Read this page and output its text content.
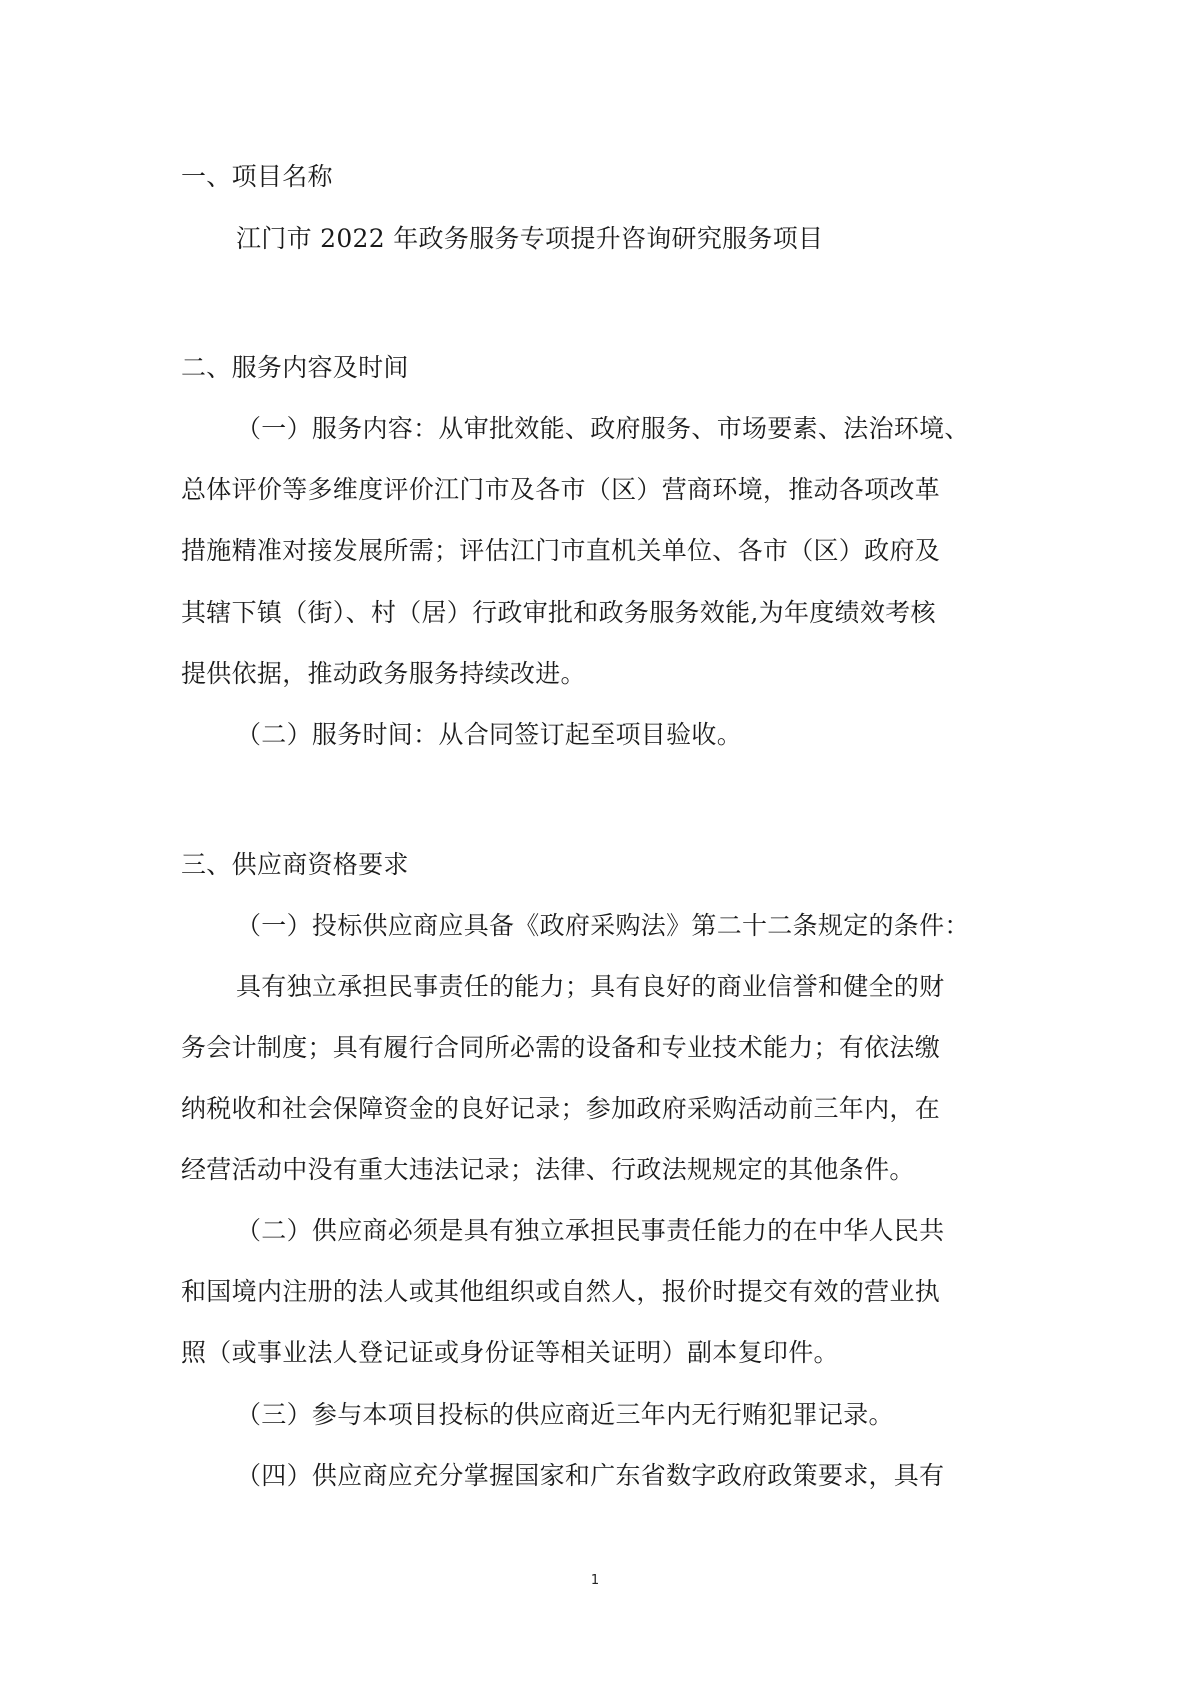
一、项目名称
江门市 2022 年政务服务专项提升咨询研究服务项目
二、服务内容及时间
（一）服务内容：从审批效能、政府服务、市场要素、法治环境、
总体评价等多维度评价江门市及各市（区）营商环境，推动各项改革
措施精准对接发展所需；评估江门市直机关单位、各市（区）政府及
其辖下镇（街）、村（居）行政审批和政务服务效能,为年度绩效考核
提供依据，推动政务服务持续改进。
（二）服务时间：从合同签订起至项目验收。
三、供应商资格要求
（一）投标供应商应具备《政府采购法》第二十二条规定的条件：
具有独立承担民事责任的能力；具有良好的商业信誉和健全的财
务会计制度；具有履行合同所必需的设备和专业技术能力；有依法缴
纳税收和社会保障资金的良好记录；参加政府采购活动前三年内，在
经营活动中没有重大违法记录；法律、行政法规规定的其他条件。
（二）供应商必须是具有独立承担民事责任能力的在中华人民共
和国境内注册的法人或其他组织或自然人，报价时提交有效的营业执
照（或事业法人登记证或身份证等相关证明）副本复印件。
（三）参与本项目投标的供应商近三年内无行贿犯罪记录。
（四）供应商应充分掌握国家和广东省数字政府政策要求，具有
1
